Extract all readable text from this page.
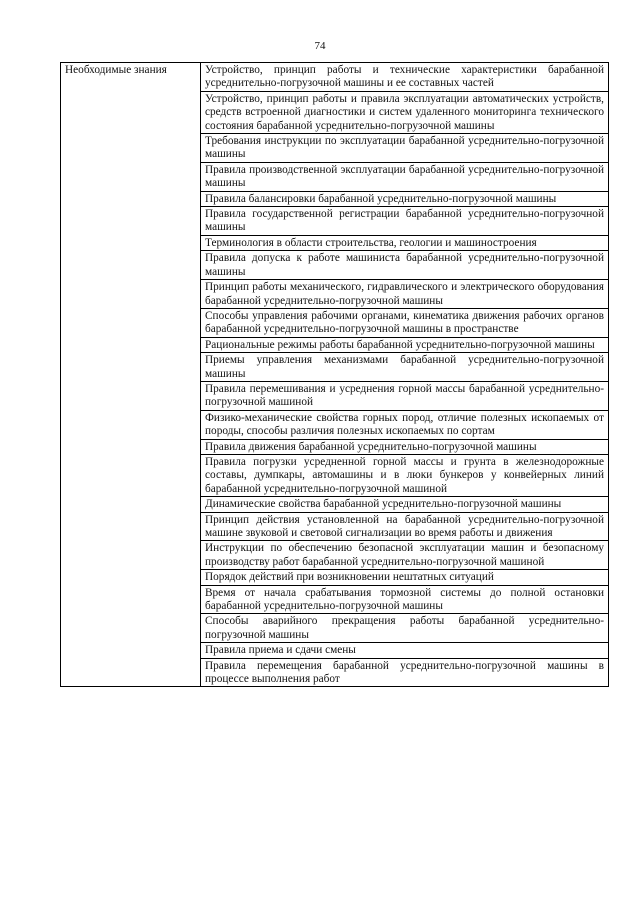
74
Необходимые знания	Устройство, принцип работы и технические характеристики барабанной усреднительно-погрузочной машины и ее составных частей
Устройство, принцип работы и правила эксплуатации автоматических устройств, средств встроенной диагностики и систем удаленного мониторинга технического состояния барабанной усреднительно-погрузочной машины
Требования инструкции по эксплуатации барабанной усреднительно-погрузочной машины
Правила производственной эксплуатации барабанной усреднительно-погрузочной машины
Правила балансировки барабанной усреднительно-погрузочной машины
Правила государственной регистрации барабанной усреднительно-погрузочной машины
Терминология в области строительства, геологии и машиностроения
Правила допуска к работе машиниста барабанной усреднительно-погрузочной машины
Принцип работы механического, гидравлического и электрического оборудования барабанной усреднительно-погрузочной машины
Способы управления рабочими органами, кинематика движения рабочих органов барабанной усреднительно-погрузочной машины в пространстве
Рациональные режимы работы барабанной усреднительно-погрузочной машины
Приемы управления механизмами барабанной усреднительно-погрузочной машины
Правила перемешивания и усреднения горной массы барабанной усреднительно-погрузочной машиной
Физико-механические свойства горных пород, отличие полезных ископаемых от породы, способы различия полезных ископаемых по сортам
Правила движения барабанной усреднительно-погрузочной машины
Правила погрузки усредненной горной массы и грунта в железнодорожные составы, думпкары, автомашины и в люки бункеров у конвейерных линий барабанной усреднительно-погрузочной машиной
Динамические свойства барабанной усреднительно-погрузочной машины
Принцип действия установленной на барабанной усреднительно-погрузочной машине звуковой и световой сигнализации во время работы и движения
Инструкции по обеспечению безопасной эксплуатации машин и безопасному производству работ барабанной усреднительно-погрузочной машиной
Порядок действий при возникновении нештатных ситуаций
Время от начала срабатывания тормозной системы до полной остановки барабанной усреднительно-погрузочной машины
Способы аварийного прекращения работы барабанной усреднительно-погрузочной машины
Правила приема и сдачи смены
Правила перемещения барабанной усреднительно-погрузочной машины в процессе выполнения работ
